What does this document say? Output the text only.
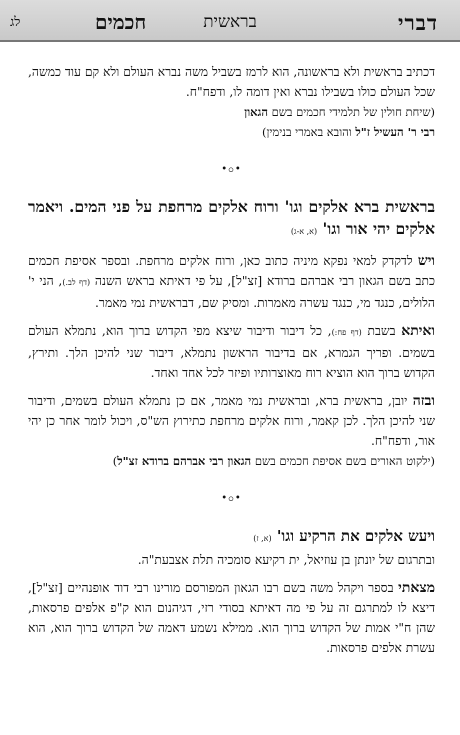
דברי
בראשית
חכמים
לג

דכתיב בראשית ולא בראשונה, הוא לרמז בשביל משה נברא העולם ולא קם עוד כמשה, שכל העולם כולו בשבילו נברא ואין דומה לו, ודפח"ח.

(שיחת חולין של תלמידי חכמים בשם הגאון
רבי ר' העשיל ז"ל והובא באמרי בנימין)

•ဝ•

בראשית ברא אלקים וגו' ורוח אלקים מרחפת על פני המים. ויאמר אלקים יהי אור וגו' (א, א-ג)

ויש לדקדק למאי נפקא מיניה כתוב כאן, ורוח אלקים מרחפת. ובספר אסיפת חכמים כתב בשם הגאון רבי אברהם ברודא [זצ"ל], על פי דאיתא בראש השנה (דף לב.), הני י' הלולים, כנגד מי, כנגד עשרה מאמרות. ומסיק שם, דבראשית נמי מאמר.

ואיתא בשבת (דף פח:), כל דיבור ודיבור שיצא מפי הקדוש ברוך הוא, נתמלא העולם בשמים. ופריך הגמרא, אם בדיבור הראשון נתמלא, דיבור שני להיכן הלך. ותירץ, הקדוש ברוך הוא הוציא רוח מאוצרותיו ופיזר לכל אחד ואחד.

ובזה יובן, בראשית ברא, ובראשית נמי מאמר, אם כן נתמלא העולם בשמים, ודיבור שני להיכן הלך. לכן קאמר, ורוח אלקים מרחפת כתירוץ הש"ס, ויכול לומר אחר כן יהי אור, ודפח"ח.

(ילקוט האורים בשם אסיפת חכמים בשם הגאון רבי אברהם ברודא זצ"ל)

•ဝ•

ויעש אלקים את הרקיע וגו' (א, ז)

ובתרגום של יונתן בן עוזיאל, ית רקיעא סומכיה תלת אצבעת"ה.

מצאתי בספר ויקהל משה בשם רבו הגאון המפורסם מורינו רבי דוד אופנהיים [זצ"ל], דיצא לו למתרגם זה על פי מה דאיתא בסודי רזי, דגיהנום הוא ק"פ אלפים פרסאות, שהן ח"י אמות של הקדוש ברוך הוא. ממילא נשמע דאמה של הקדוש ברוך הוא, הוא עשרת אלפים פרסאות.
